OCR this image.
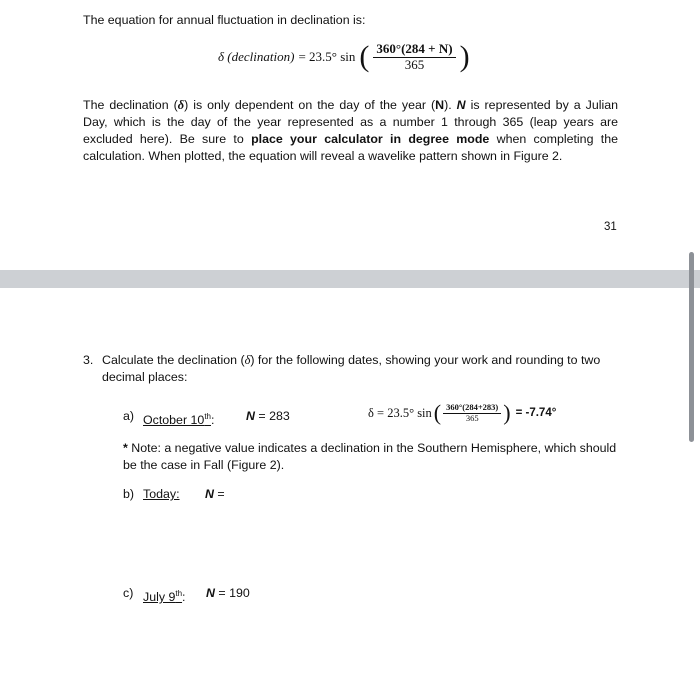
The equation for annual fluctuation in declination is:
δ (declination) = 23.5° sin ( $\frac{360^\circ(284 + N)}{365}$ )
The declination (δ) is only dependent on the day of the year (N). N is represented by a Julian Day, which is the day of the year represented as a number 1 through 365 (leap years are excluded here). Be sure to place your calculator in degree mode when completing the calculation. When plotted, the equation will reveal a wavelike pattern shown in Figure 2.
31
3. Calculate the declination (δ) for the following dates, showing your work and rounding to two decimal places:
a) October 10th:	N = 283	δ = 23.5° sin ( $\frac{360^\circ(284+283)}{365}$ ) = -7.74°
* Note: a negative value indicates a declination in the Southern Hemisphere, which should be the case in Fall (Figure 2).
b) Today: N =
c) July 9th: N = 190
